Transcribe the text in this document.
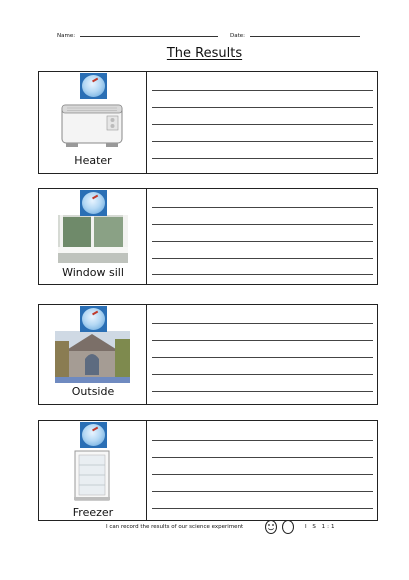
Name:	Date:
The Results
Heater
Window sill
Outside
Freezer
I can record the results of our science experiment	I S 1:1
